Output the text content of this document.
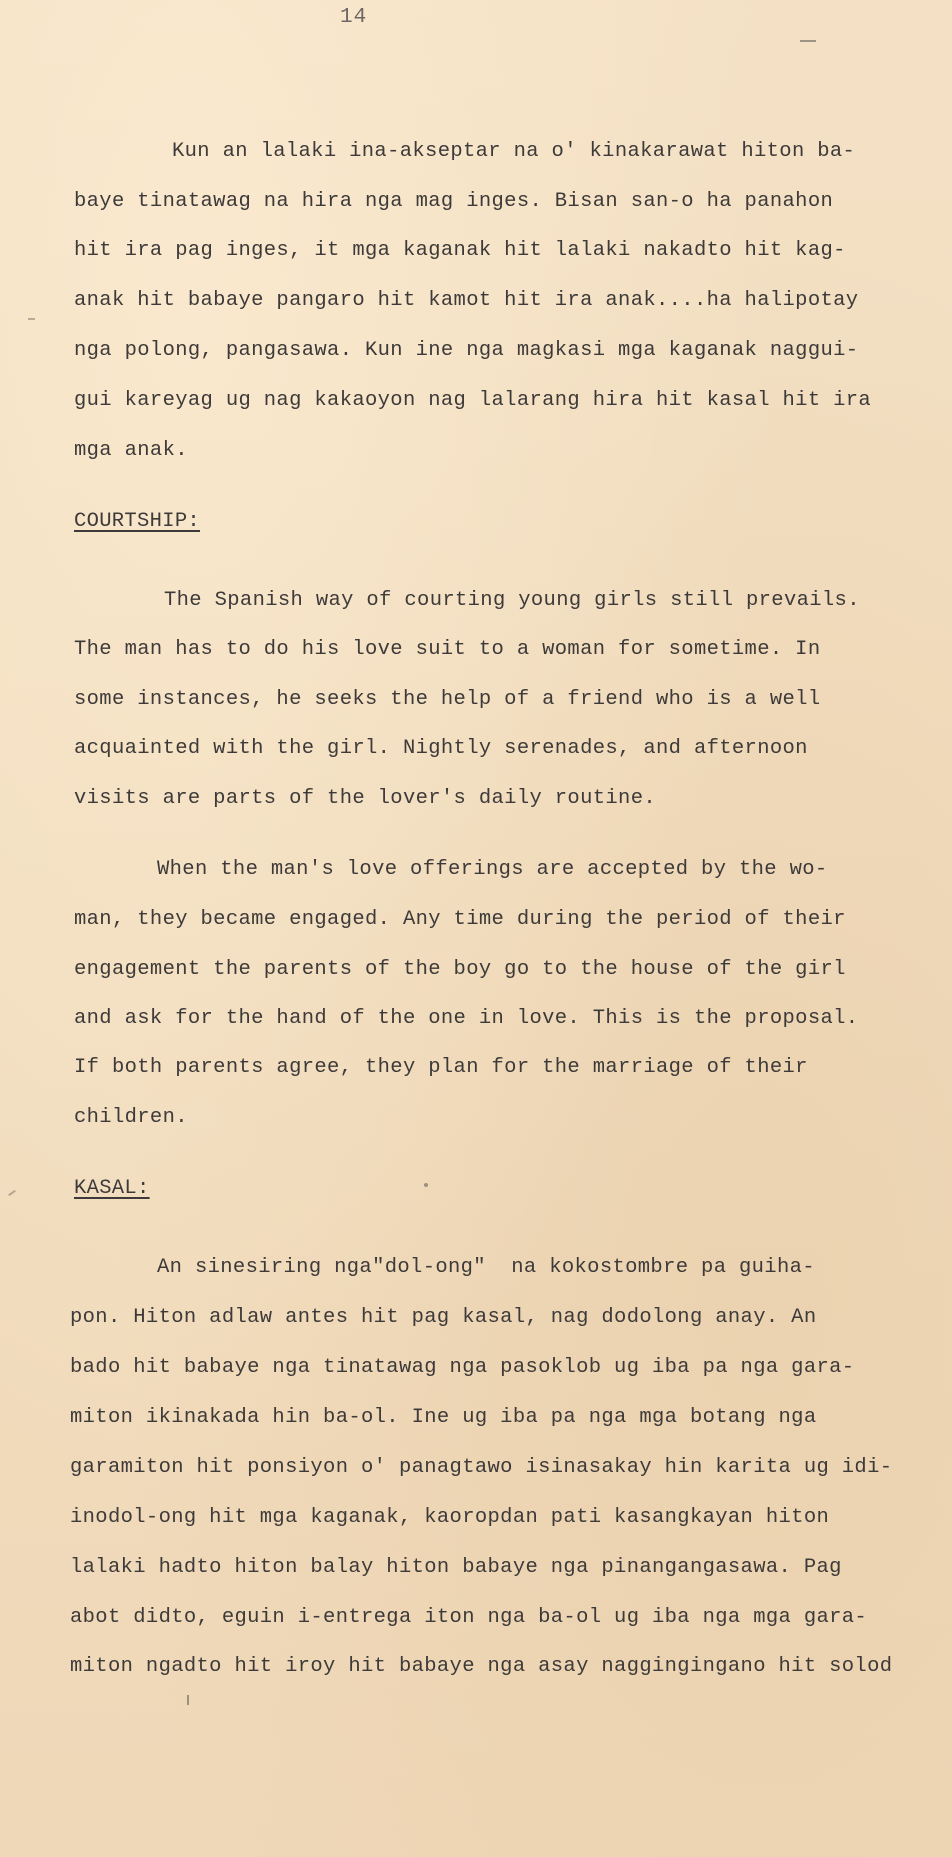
14
Kun an lalaki ina-akseptar na o' kinakarawat hiton ba-
baye tinatawag na hira nga mag inges. Bisan san-o ha panahon
hit ira pag inges, it mga kaganak hit lalaki nakadto hit kag-
anak hit babaye pangaro hit kamot hit ira anak....ha halipotay
nga polong, pangasawa. Kun ine nga magkasi mga kaganak naggui-
gui kareyag ug nag kakaoyon nag lalarang hira hit kasal hit ira
mga anak.
COURTSHIP:
The Spanish way of courting young girls still prevails.
The man has to do his love suit to a woman for sometime. In
some instances, he seeks the help of a friend who is a well
acquainted with the girl. Nightly serenades, and afternoon
visits are parts of the lover's daily routine.
When the man's love offerings are accepted by the wo-
man, they became engaged. Any time during the period of their
engagement the parents of the boy go to the house of the girl
and ask for the hand of the one in love. This is the proposal.
If both parents agree, they plan for the marriage of their
children.
KASAL:
An sinesiring nga"dol-ong"  na kokostombre pa guiha-
pon. Hiton adlaw antes hit pag kasal, nag dodolong anay. An
bado hit babaye nga tinatawag nga pasoklob ug iba pa nga gara-
miton ikinakada hin ba-ol. Ine ug iba pa nga mga botang nga
garamiton hit ponsiyon o' panagtawo isinasakay hin karita ug idi-
inodol-ong hit mga kaganak, kaoropdan pati kasangkayan hiton
lalaki hadto hiton balay hiton babaye nga pinangangasawa. Pag
abot didto, eguin i-entrega iton nga ba-ol ug iba nga mga gara-
miton ngadto hit iroy hit babaye nga asay naggingingano hit solod
